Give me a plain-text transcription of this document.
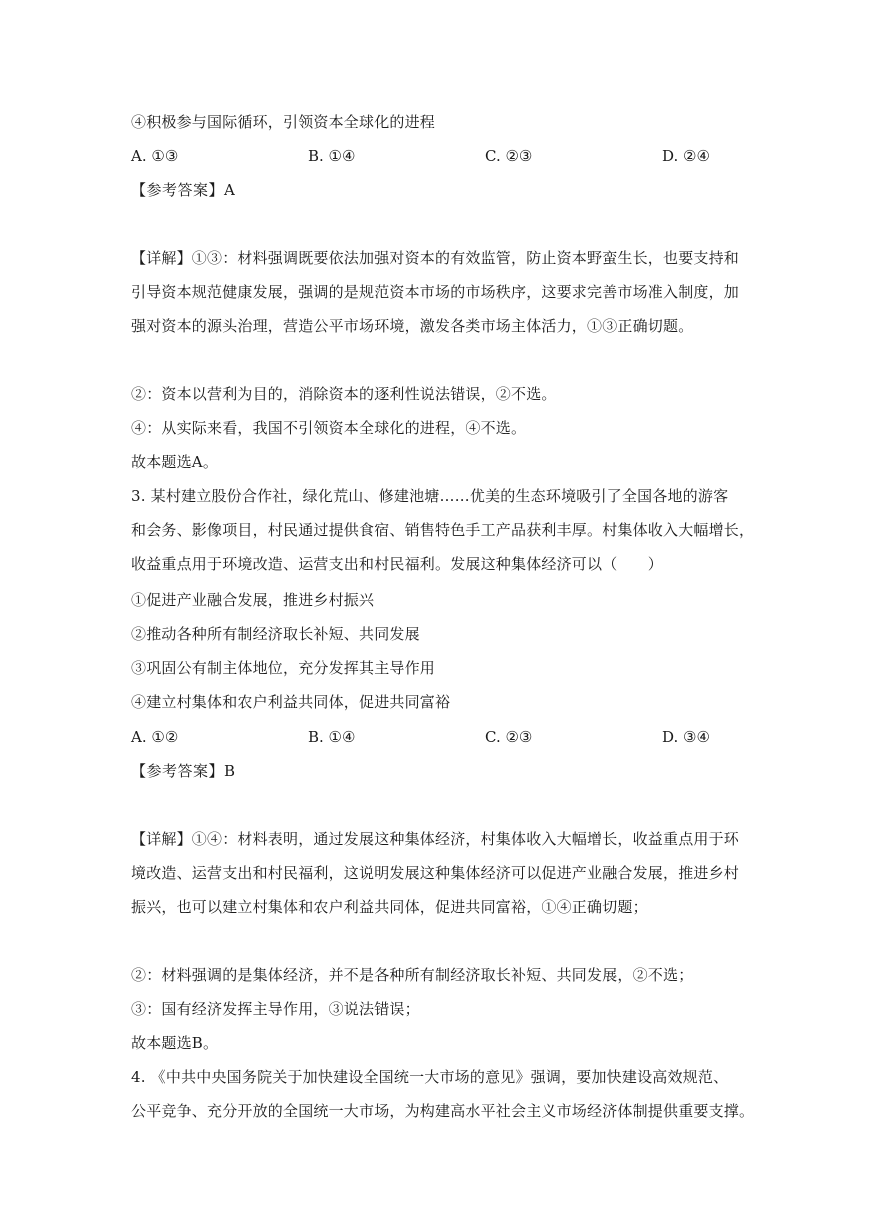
④积极参与国际循环，引领资本全球化的进程
A. ①③	B. ①④	C. ②③	D. ②④
【参考答案】A
【详解】①③：材料强调既要依法加强对资本的有效监管，防止资本野蛮生长，也要支持和
引导资本规范健康发展，强调的是规范资本市场的市场秩序，这要求完善市场准入制度，加
强对资本的源头治理，营造公平市场环境，激发各类市场主体活力，①③正确切题。
②：资本以营利为目的，消除资本的逐利性说法错误，②不选。
④：从实际来看，我国不引领资本全球化的进程，④不选。
故本题选A。
3. 某村建立股份合作社，绿化荒山、修建池塘……优美的生态环境吸引了全国各地的游客
和会务、影像项目，村民通过提供食宿、销售特色手工产品获利丰厚。村集体收入大幅增长，
收益重点用于环境改造、运营支出和村民福利。发展这种集体经济可以（　　）
①促进产业融合发展，推进乡村振兴
②推动各种所有制经济取长补短、共同发展
③巩固公有制主体地位，充分发挥其主导作用
④建立村集体和农户利益共同体，促进共同富裕
A. ①②	B. ①④	C. ②③	D. ③④
【参考答案】B
【详解】①④：材料表明，通过发展这种集体经济，村集体收入大幅增长，收益重点用于环
境改造、运营支出和村民福利，这说明发展这种集体经济可以促进产业融合发展，推进乡村
振兴，也可以建立村集体和农户利益共同体，促进共同富裕，①④正确切题；
②：材料强调的是集体经济，并不是各种所有制经济取长补短、共同发展，②不选；
③：国有经济发挥主导作用，③说法错误；
故本题选B。
4. 《中共中央国务院关于加快建设全国统一大市场的意见》强调，要加快建设高效规范、
公平竞争、充分开放的全国统一大市场，为构建高水平社会主义市场经济体制提供重要支撑。
